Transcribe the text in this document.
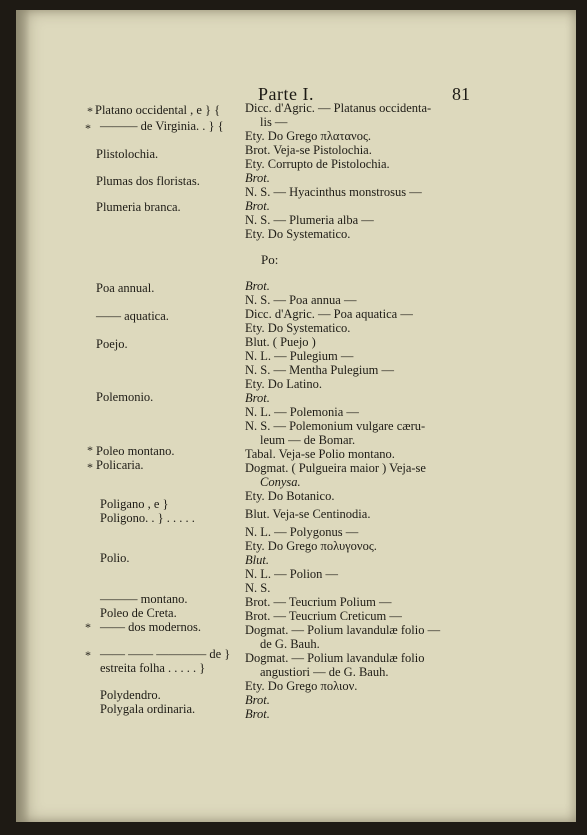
Parte I.	81
*
*
*
*
*
*
Platano occidental , e } {
——— de Virginia. . } {
Plistolochia.
Plumas dos floristas.
Plumeria branca.
Poa annual.
—— aquatica.
Poejo.
Polemonio.
Poleo montano.
Policaria.
Poligano , e }
Poligono. . } . . . . .
Polio.
——— montano.
Poleo de Creta.
—— dos modernos.
—— —— ———— de }
estreita folha . . . . . }
Polydendro.
Polygala ordinaria.
Po:
Dicc. d'Agric. — Platanus occidenta-
lis —
Ety. Do Grego πλατανος.
Brot. Veja-se Pistolochia.
Ety. Corrupto de Pistolochia.
Brot.
N. S. — Hyacinthus monstrosus —
Brot.
N. S. — Plumeria alba —
Ety. Do Systematico.
Brot.
N. S. — Poa annua —
Dicc. d'Agric. — Poa aquatica —
Ety. Do Systematico.
Blut. ( Puejo )
N. L. — Pulegium —
N. S. — Mentha Pulegium —
Ety. Do Latino.
Brot.
N. L. — Polemonia —
N. S. — Polemonium vulgare cæru-
leum — de Bomar.
Tabal. Veja-se Polio montano.
Dogmat. ( Pulgueira maior ) Veja-se
Conysa.
Ety. Do Botanico.
Blut. Veja-se Centinodia.
N. L. — Polygonus —
Ety. Do Grego πολυγονος.
Blut.
N. L. — Polion —
N. S.
Brot. — Teucrium Polium —
Brot. — Teucrium Creticum —
Dogmat. — Polium lavandulæ folio —
de G. Bauh.
Dogmat. — Polium lavandulæ folio
angustiori — de G. Bauh.
Ety. Do Grego πολιον.
Brot.
Brot.
